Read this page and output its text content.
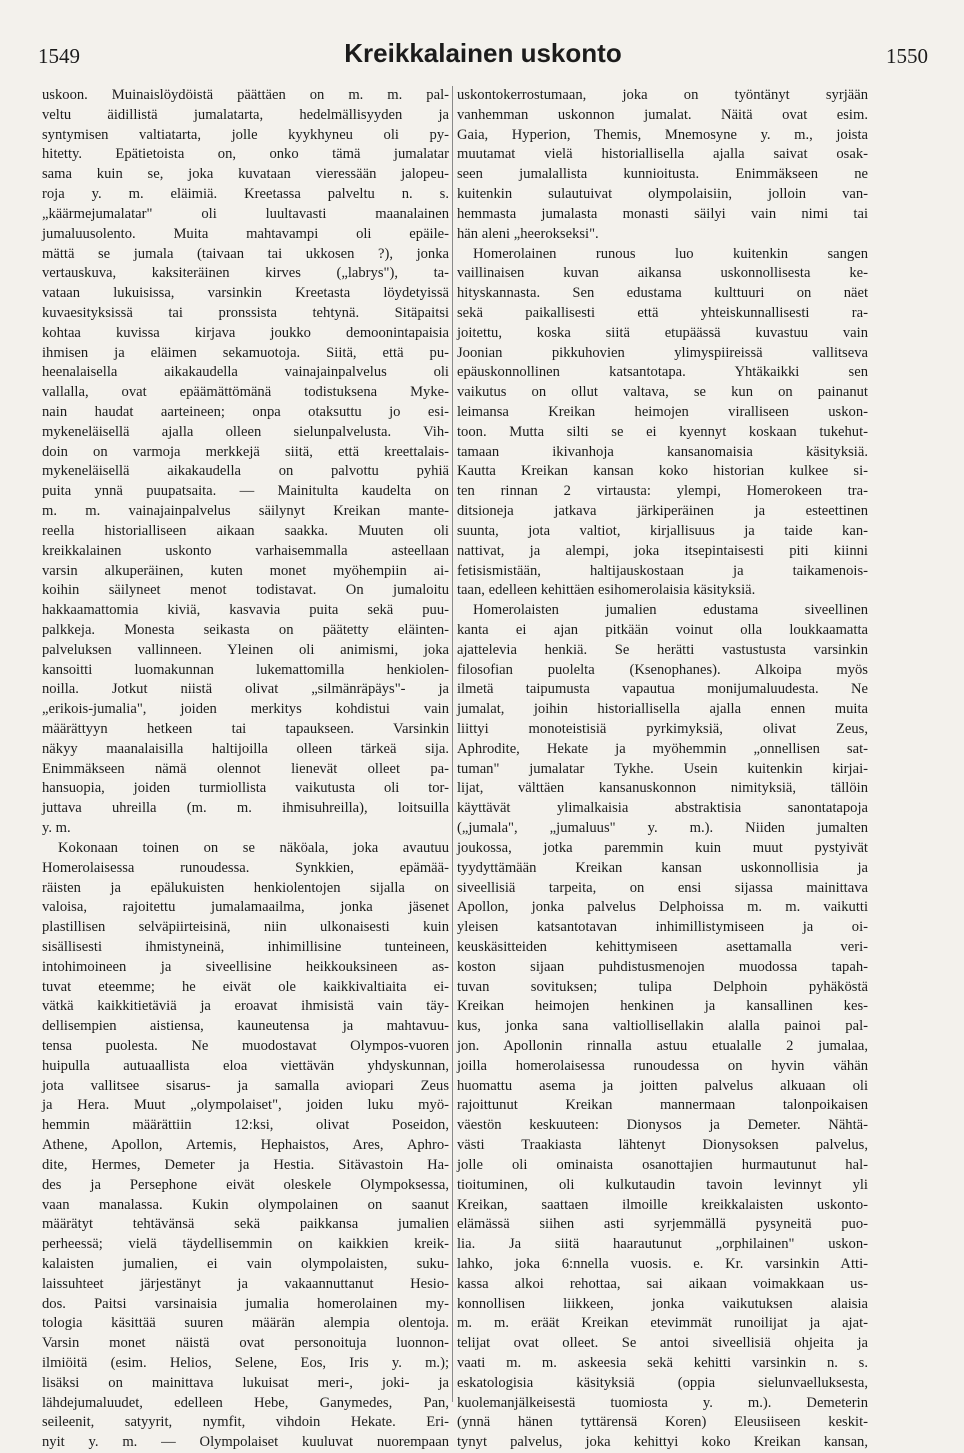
1549	Kreikkalainen uskonto	1550

uskoon. Muinaislöydöistä päättäen on m. m. pal-

veltu äidillistä jumalatarta, hedelmällisyyden ja

syntymisen valtiatarta, jolle kyykhyneu oli py-

hitetty. Epätietoista on, onko tämä jumalatar

sama kuin se, joka kuvataan vieressään jalopeu-

roja y. m. eläimiä. Kreetassa palveltu n. s.

„käärmejumalatar" oli luultavasti maanalainen

jumaluusolento. Muita mahtavampi oli epäile-

mättä se jumala (taivaan tai ukkosen ?), jonka

vertauskuva, kaksiteräinen kirves („labrys"), ta-

vataan lukuisissa, varsinkin Kreetasta löydetyissä

kuvaesityksissä tai pronssista tehtynä. Sitäpaitsi

kohtaa kuvissa kirjava joukko demoonintapaisia

ihmisen ja eläimen sekamuotoja. Siitä, että pu-

heenalaisella aikakaudella vainajainpalvelus oli

vallalla, ovat epäämättömänä todistuksena Myke-

nain haudat aarteineen; onpa otaksuttu jo esi-

mykeneläisellä ajalla olleen sielunpalvelusta. Vih-

doin on varmoja merkkejä siitä, että kreettalais-

mykeneläisellä aikakaudella on palvottu pyhiä

puita ynnä puupatsaita. — Mainitulta kaudelta on

m. m. vainajainpalvelus säilynyt Kreikan mante-

reella historialliseen aikaan saakka. Muuten oli

kreikkalainen uskonto varhaisemmalla asteellaan

varsin alkuperäinen, kuten monet myöhempiin ai-

koihin säilyneet menot todistavat. On jumaloitu

hakkaamattomia kiviä, kasvavia puita sekä puu-

palkkeja. Monesta seikasta on päätetty eläinten-

palveluksen vallinneen. Yleinen oli animismi, joka

kansoitti luomakunnan lukemattomilla henkiolen-

noilla. Jotkut niistä olivat „silmänräpäys"- ja

„erikois-jumalia", joiden merkitys kohdistui vain

määrättyyn hetkeen tai tapaukseen. Varsinkin

näkyy maanalaisilla haltijoilla olleen tärkeä sija.

Enimmäkseen nämä olennot lienevät olleet pa-

hansuopia, joiden turmiollista vaikutusta oli tor-

juttava uhreilla (m. m. ihmisuhreilla), loitsuilla

y. m.

Kokonaan toinen on se näköala, joka avautuu

Homerolaisessa runoudessa. Synkkien, epämää-

räisten ja epälukuisten henkiolentojen sijalla on

valoisa, rajoitettu jumalamaailma, jonka jäsenet

plastillisen selväpiirteisinä, niin ulkonaisesti kuin

sisällisesti ihmistyneinä, inhimillisine tunteineen,

intohimoineen ja siveellisine heikkouksineen as-

tuvat eteemme; he eivät ole kaikkivaltiaita ei-

vätkä kaikkitietäviä ja eroavat ihmisistä vain täy-

dellisempien aistiensa, kauneutensa ja mahtavuu-

tensa puolesta. Ne muodostavat Olympos-vuoren

huipulla autuaallista eloa viettävän yhdyskunnan,

jota vallitsee sisarus- ja samalla aviopari Zeus

ja Hera. Muut „olympolaiset", joiden luku myö-

hemmin määrättiin 12:ksi, olivat Poseidon,

Athene, Apollon, Artemis, Hephaistos, Ares, Aphro-

dite, Hermes, Demeter ja Hestia. Sitävastoin Ha-

des ja Persephone eivät oleskele Olympoksessa,

vaan manalassa. Kukin olympolainen on saanut

määrätyt tehtävänsä sekä paikkansa jumalien

perheessä; vielä täydellisemmin on kaikkien kreik-

kalaisten jumalien, ei vain olympolaisten, suku-

laissuhteet järjestänyt ja vakaannuttanut Hesio-

dos. Paitsi varsinaisia jumalia homerolainen my-

tologia käsittää suuren määrän alempia olentoja.

Varsin monet näistä ovat personoituja luonnon-

ilmiöitä (esim. Helios, Selene, Eos, Iris y. m.);

lisäksi on mainittava lukuisat meri-, joki- ja

lähdejumaluudet, edelleen Hebe, Ganymedes, Pan,

seileenit, satyyrit, nymfit, vihdoin Hekate. Eri-

nyit y. m. — Olympolaiset kuuluvat nuorempaan

uskontokerrostumaan, joka on työntänyt syrjään

vanhemman uskonnon jumalat. Näitä ovat esim.

Gaia, Hyperion, Themis, Mnemosyne y. m., joista

muutamat vielä historiallisella ajalla saivat osak-

seen jumalallista kunnioitusta. Enimmäkseen ne

kuitenkin sulautuivat olympolaisiin, jolloin van-

hemmasta jumalasta monasti säilyi vain nimi tai

hän aleni „heerokseksi".

Homerolainen runous luo kuitenkin sangen

vaillinaisen kuvan aikansa uskonnollisesta ke-

hityskannasta. Sen edustama kulttuuri on näet

sekä paikallisesti että yhteiskunnallisesti ra-

joitettu, koska siitä etupäässä kuvastuu vain

Joonian pikkuhovien ylimyspiireissä vallitseva

epäuskonnollinen katsantotapa. Yhtäkaikki sen

vaikutus on ollut valtava, se kun on painanut

leimansa Kreikan heimojen viralliseen uskon-

toon. Mutta silti se ei kyennyt koskaan tukehut-

tamaan ikivanhoja kansanomaisia käsityksiä.

Kautta Kreikan kansan koko historian kulkee si-

ten rinnan 2 virtausta: ylempi, Homerokeen tra-

ditsioneja jatkava järkiperäinen ja esteettinen

suunta, jota valtiot, kirjallisuus ja taide kan-

nattivat, ja alempi, joka itsepintaisesti piti kiinni

fetisismistään, haltijauskostaan ja taikamenois-

taan, edelleen kehittäen esihomerolaisia käsityksiä.

Homerolaisten jumalien edustama siveellinen

kanta ei ajan pitkään voinut olla loukkaamatta

ajattelevia henkiä. Se herätti vastustusta varsinkin

filosofian puolelta (Ksenophanes). Alkoipa myös

ilmetä taipumusta vapautua monijumaluudesta. Ne

jumalat, joihin historiallisella ajalla ennen muita

liittyi monoteistisiä pyrkimyksiä, olivat Zeus,

Aphrodite, Hekate ja myöhemmin „onnellisen sat-

tuman" jumalatar Tykhe. Usein kuitenkin kirjai-

lijat, välttäen kansanuskonnon nimityksiä, tällöin

käyttävät ylimalkaisia abstraktisia sanontatapoja

(„jumala", „jumaluus" y. m.). Niiden jumalten

joukossa, jotka paremmin kuin muut pystyivät

tyydyttämään Kreikan kansan uskonnollisia ja

siveellisiä tarpeita, on ensi sijassa mainittava

Apollon, jonka palvelus Delphoissa m. m. vaikutti

yleisen katsantotavan inhimillistymiseen ja oi-

keuskäsitteiden kehittymiseen asettamalla veri-

koston sijaan puhdistusmenojen muodossa tapah-

tuvan sovituksen; tulipa Delphoin pyhäköstä

Kreikan heimojen henkinen ja kansallinen kes-

kus, jonka sana valtiollisellakin alalla painoi pal-

jon. Apollonin rinnalla astuu etualalle 2 jumalaa,

joilla homerolaisessa runoudessa on hyvin vähän

huomattu asema ja joitten palvelus alkuaan oli

rajoittunut Kreikan mannermaan talonpoikaisen

väestön keskuuteen: Dionysos ja Demeter. Nähtä-

västi Traakiasta lähtenyt Dionysoksen palvelus,

jolle oli ominaista osanottajien hurmautunut hal-

tioituminen, oli kulkutaudin tavoin levinnyt yli

Kreikan, saattaen ilmoille kreikkalaisten uskonto-

elämässä siihen asti syrjemmällä pysyneitä puo-

lia. Ja siitä haarautunut „orphilainen" uskon-

lahko, joka 6:nnella vuosis. e. Kr. varsinkin Atti-

kassa alkoi rehottaa, sai aikaan voimakkaan us-

konnollisen liikkeen, jonka vaikutuksen alaisia

m. m. eräät Kreikan etevimmät runoilijat ja ajat-

telijat ovat olleet. Se antoi siveellisiä ohjeita ja

vaati m. m. askeesia sekä kehitti varsinkin n. s.

eskatologisia käsityksiä (oppia sielunvaelluksesta,

kuolemanjälkeisestä tuomiosta y. m.). Demeterin

(ynnä hänen tyttärensä Koren) Eleusiiseen keskit-

tynyt palvelus, joka kehittyi koko Kreikan kansan,
